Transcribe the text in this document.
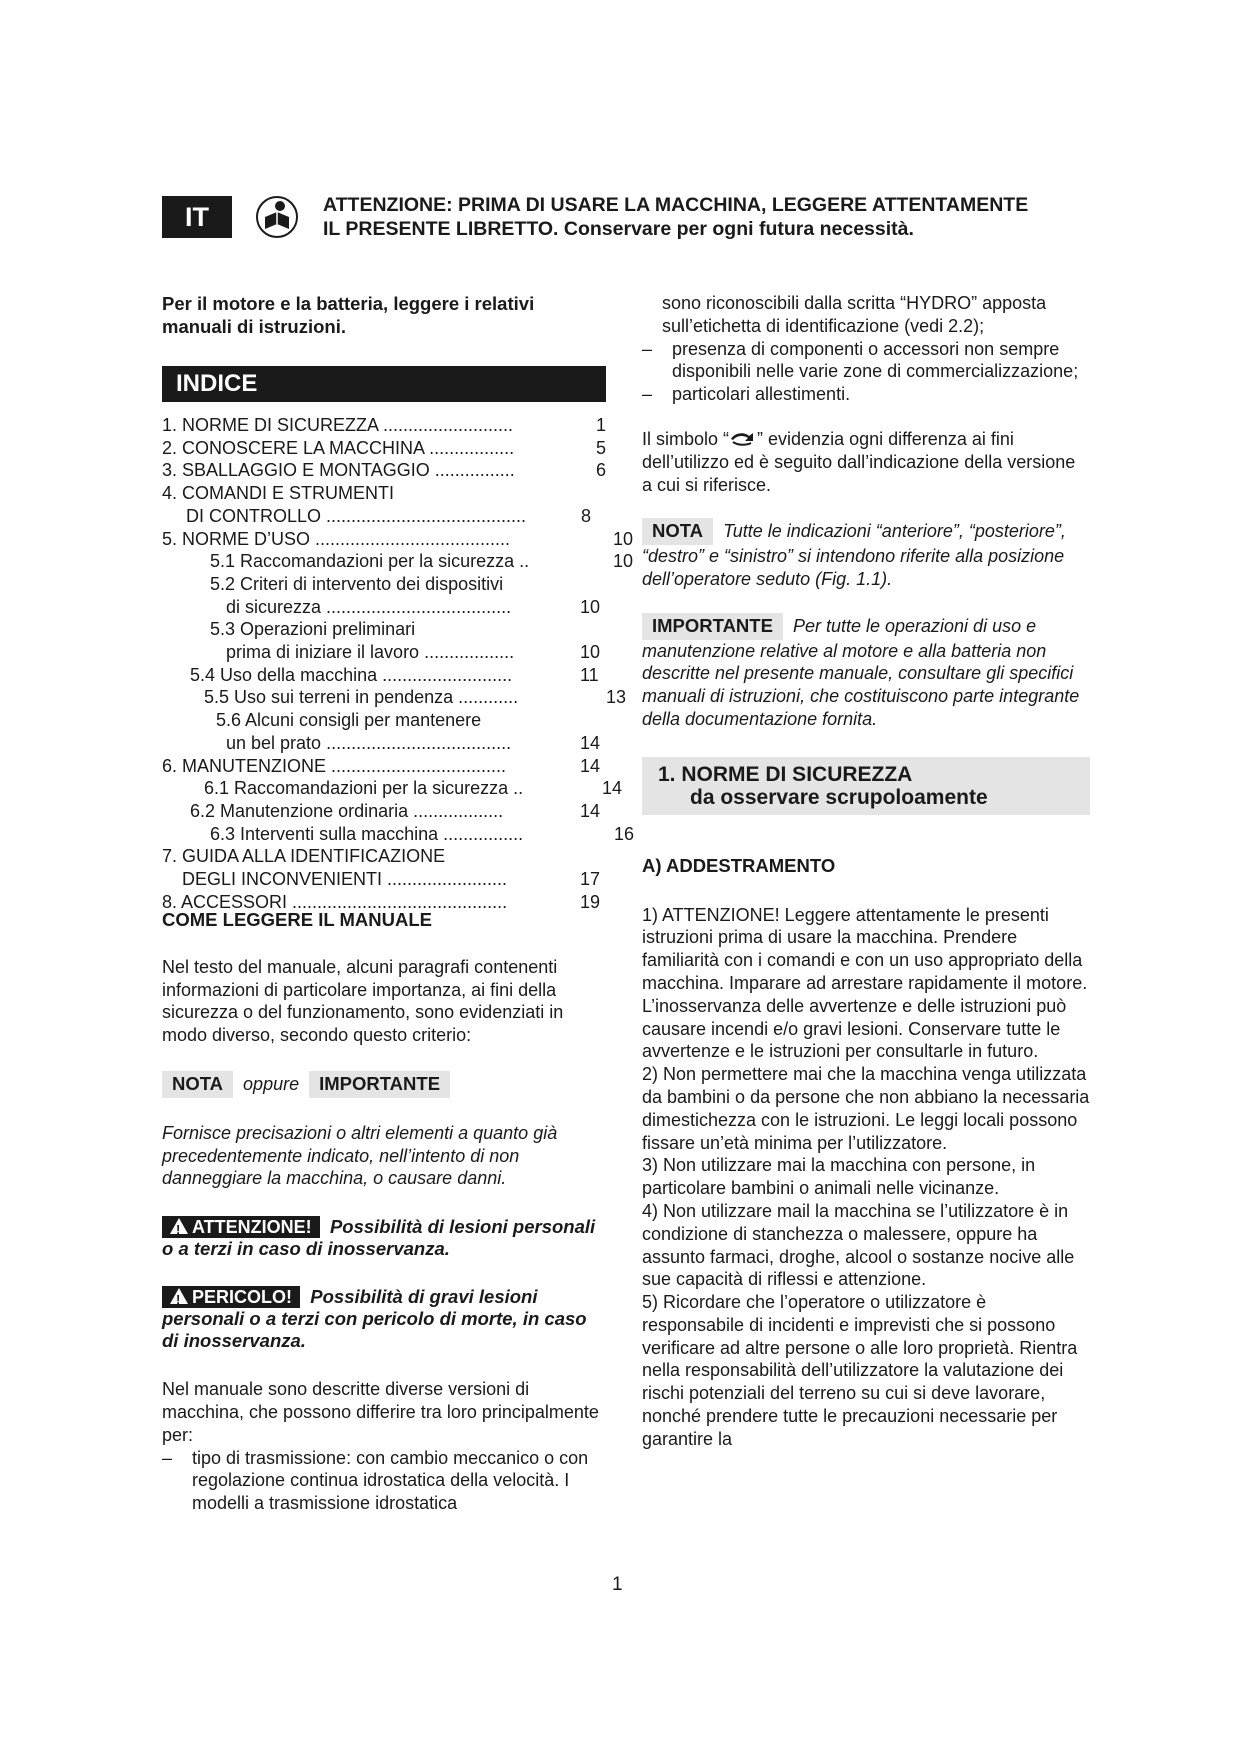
IT	ATTENZIONE: PRIMA DI USARE LA MACCHINA, LEGGERE ATTENTAMENTE
IL PRESENTE LIBRETTO. Conservare per ogni futura necessità.
Per il motore e la batteria, leggere i relativi
manuali di istruzioni.
INDICE
1. NORME DI SICUREZZA ..........................	1
2. CONOSCERE LA MACCHINA .................	5
3. SBALLAGGIO E MONTAGGIO ................	6
4. COMANDI E STRUMENTI
DI CONTROLLO ........................................	8
5. NORME D’USO .......................................	10
5.1 Raccomandazioni per la sicurezza ..	10
5.2 Criteri di intervento dei dispositivi
di sicurezza .....................................	10
5.3 Operazioni preliminari
prima di iniziare il lavoro ..................	10
5.4 Uso della macchina ..........................	11
5.5 Uso sui terreni in pendenza ............	13
5.6 Alcuni consigli per mantenere
un bel prato .....................................	14
6. MANUTENZIONE ...................................	14
6.1 Raccomandazioni per la sicurezza ..	14
6.2 Manutenzione ordinaria ..................	14
6.3 Interventi sulla macchina ................	16
7. GUIDA ALLA IDENTIFICAZIONE
DEGLI INCONVENIENTI ........................	17
8. ACCESSORI ...........................................	19
COME LEGGERE IL MANUALE

Nel testo del manuale, alcuni paragrafi contenenti informazioni di particolare importanza, ai fini della sicurezza o del funzionamento, sono evidenziati in modo diverso, secondo questo criterio:

NOTA	oppure	IMPORTANTE

Fornisce precisazioni o altri elementi a quanto già precedentemente indicato, nell’intento di non danneggiare la macchina, o causare danni.

!ATTENZIONE! Possibilità di lesioni personali o a terzi in caso di inosservanza.

!PERICOLO! Possibilità di gravi lesioni personali o a terzi con pericolo di morte, in caso di inosservanza.

Nel manuale sono descritte diverse versioni di macchina, che possono differire tra loro principalmente per:

–	tipo di trasmissione: con cambio meccanico o con regolazione continua idrostatica della velocità. I modelli a trasmissione idrostatica
sono riconoscibili dalla scritta “HYDRO” apposta sull’etichetta di identificazione (vedi 2.2);
–	presenza di componenti o accessori non sempre disponibili nelle varie zone di commercializzazione;
–	particolari allestimenti.

Il simbolo “ ” evidenzia ogni differenza ai fini dell’utilizzo ed è seguito dall’indicazione della versione a cui si riferisce.

NOTA Tutte le indicazioni “anteriore”, “posteriore”, “destro” e “sinistro” si intendono riferite alla posizione dell’operatore seduto (Fig. 1.1).

IMPORTANTE Per tutte le operazioni di uso e manutenzione relative al motore e alla batteria non descritte nel presente manuale, consultare gli specifici manuali di istruzioni, che costituiscono parte integrante della documentazione fornita.

1. NORME DI SICUREZZA
da osservare scrupoloamente
A) ADDESTRAMENTO

1) ATTENZIONE! Leggere attentamente le presenti istruzioni prima di usare la macchina. Prendere familiarità con i comandi e con un uso appropriato della macchina. Imparare ad arrestare rapidamente il motore. L’inosservanza delle avvertenze e delle istruzioni può causare incendi e/o gravi lesioni. Conservare tutte le avvertenze e le istruzioni per consultarle in futuro.
2) Non permettere mai che la macchina venga utilizzata da bambini o da persone che non abbiano la necessaria dimestichezza con le istruzioni. Le leggi locali possono fissare un’età minima per l’utilizzatore.
3) Non utilizzare mai la macchina con persone, in particolare bambini o animali nelle vicinanze.
4) Non utilizzare mail la macchina se l’utilizzatore è in condizione di stanchezza o malessere, oppure ha assunto farmaci, droghe, alcool o sostanze nocive alle sue capacità di riflessi e attenzione.
5) Ricordare che l’operatore o utilizzatore è responsabile di incidenti e imprevisti che si possono verificare ad altre persone o alle loro proprietà. Rientra nella responsabilità dell’utilizzatore la valutazione dei rischi potenziali del terreno su cui si deve lavorare, nonché prendere tutte le precauzioni necessarie per garantire la

1
